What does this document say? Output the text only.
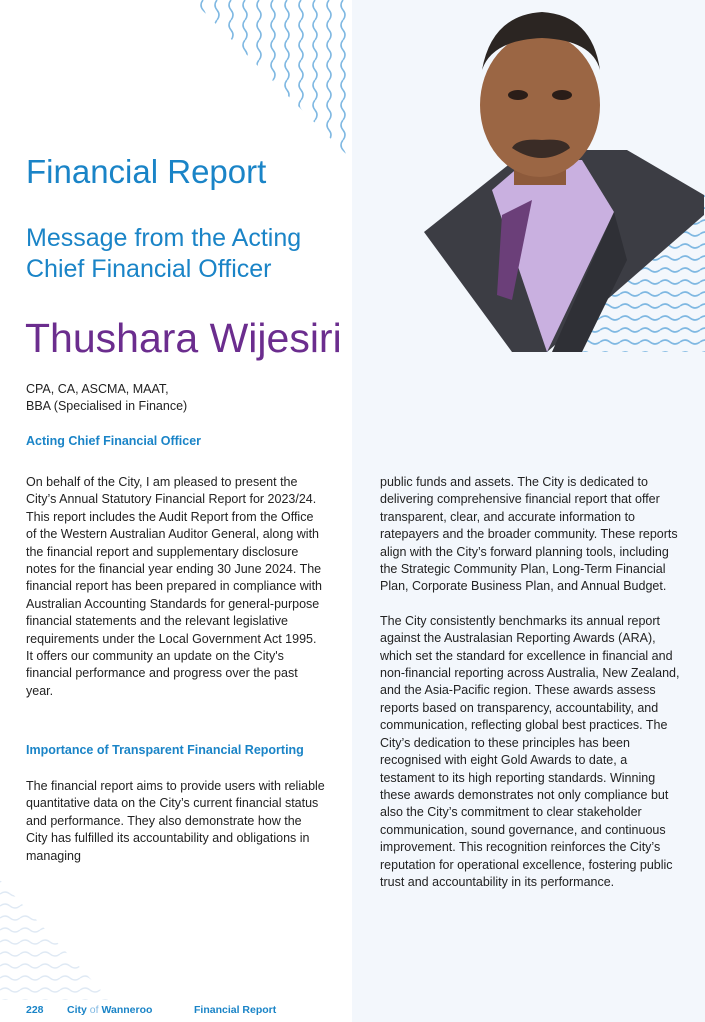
Financial Report
Message from the Acting
Chief Financial Officer
Thushara Wijesiri
CPA, CA, ASCMA, MAAT,
BBA (Specialised in Finance)
Acting Chief Financial Officer

On behalf of the City, I am pleased to present the City’s Annual Statutory Financial Report for 2023/24. This report includes the Audit Report from the Office of the Western Australian Auditor General, along with the financial report and supplementary disclosure notes for the financial year ending 30 June 2024. The financial report has been prepared in compliance with Australian Accounting Standards for general-purpose financial statements and the relevant legislative requirements under the Local Government Act 1995. It offers our community an update on the City's financial performance and progress over the past year.

Importance of Transparent Financial Reporting

The financial report aims to provide users with reliable quantitative data on the City’s current financial status and performance. They also demonstrate how the City has fulfilled its accountability and obligations in managing

public funds and assets. The City is dedicated to delivering comprehensive financial report that offer transparent, clear, and accurate information to ratepayers and the broader community. These reports align with the City’s forward planning tools, including the Strategic Community Plan, Long-Term Financial Plan, Corporate Business Plan, and Annual Budget.

The City consistently benchmarks its annual report against the Australasian Reporting Awards (ARA), which set the standard for excellence in financial and non-financial reporting across Australia, New Zealand, and the Asia-Pacific region. These awards assess reports based on transparency, accountability, and communication, reflecting global best practices. The City’s dedication to these principles has been recognised with eight Gold Awards to date, a testament to its high reporting standards. Winning these awards demonstrates not only compliance but also the City’s commitment to clear stakeholder communication, sound governance, and continuous improvement. This recognition reinforces the City’s reputation for operational excellence, fostering public trust and accountability in its performance.

228 City of Wanneroo	Financial Report
